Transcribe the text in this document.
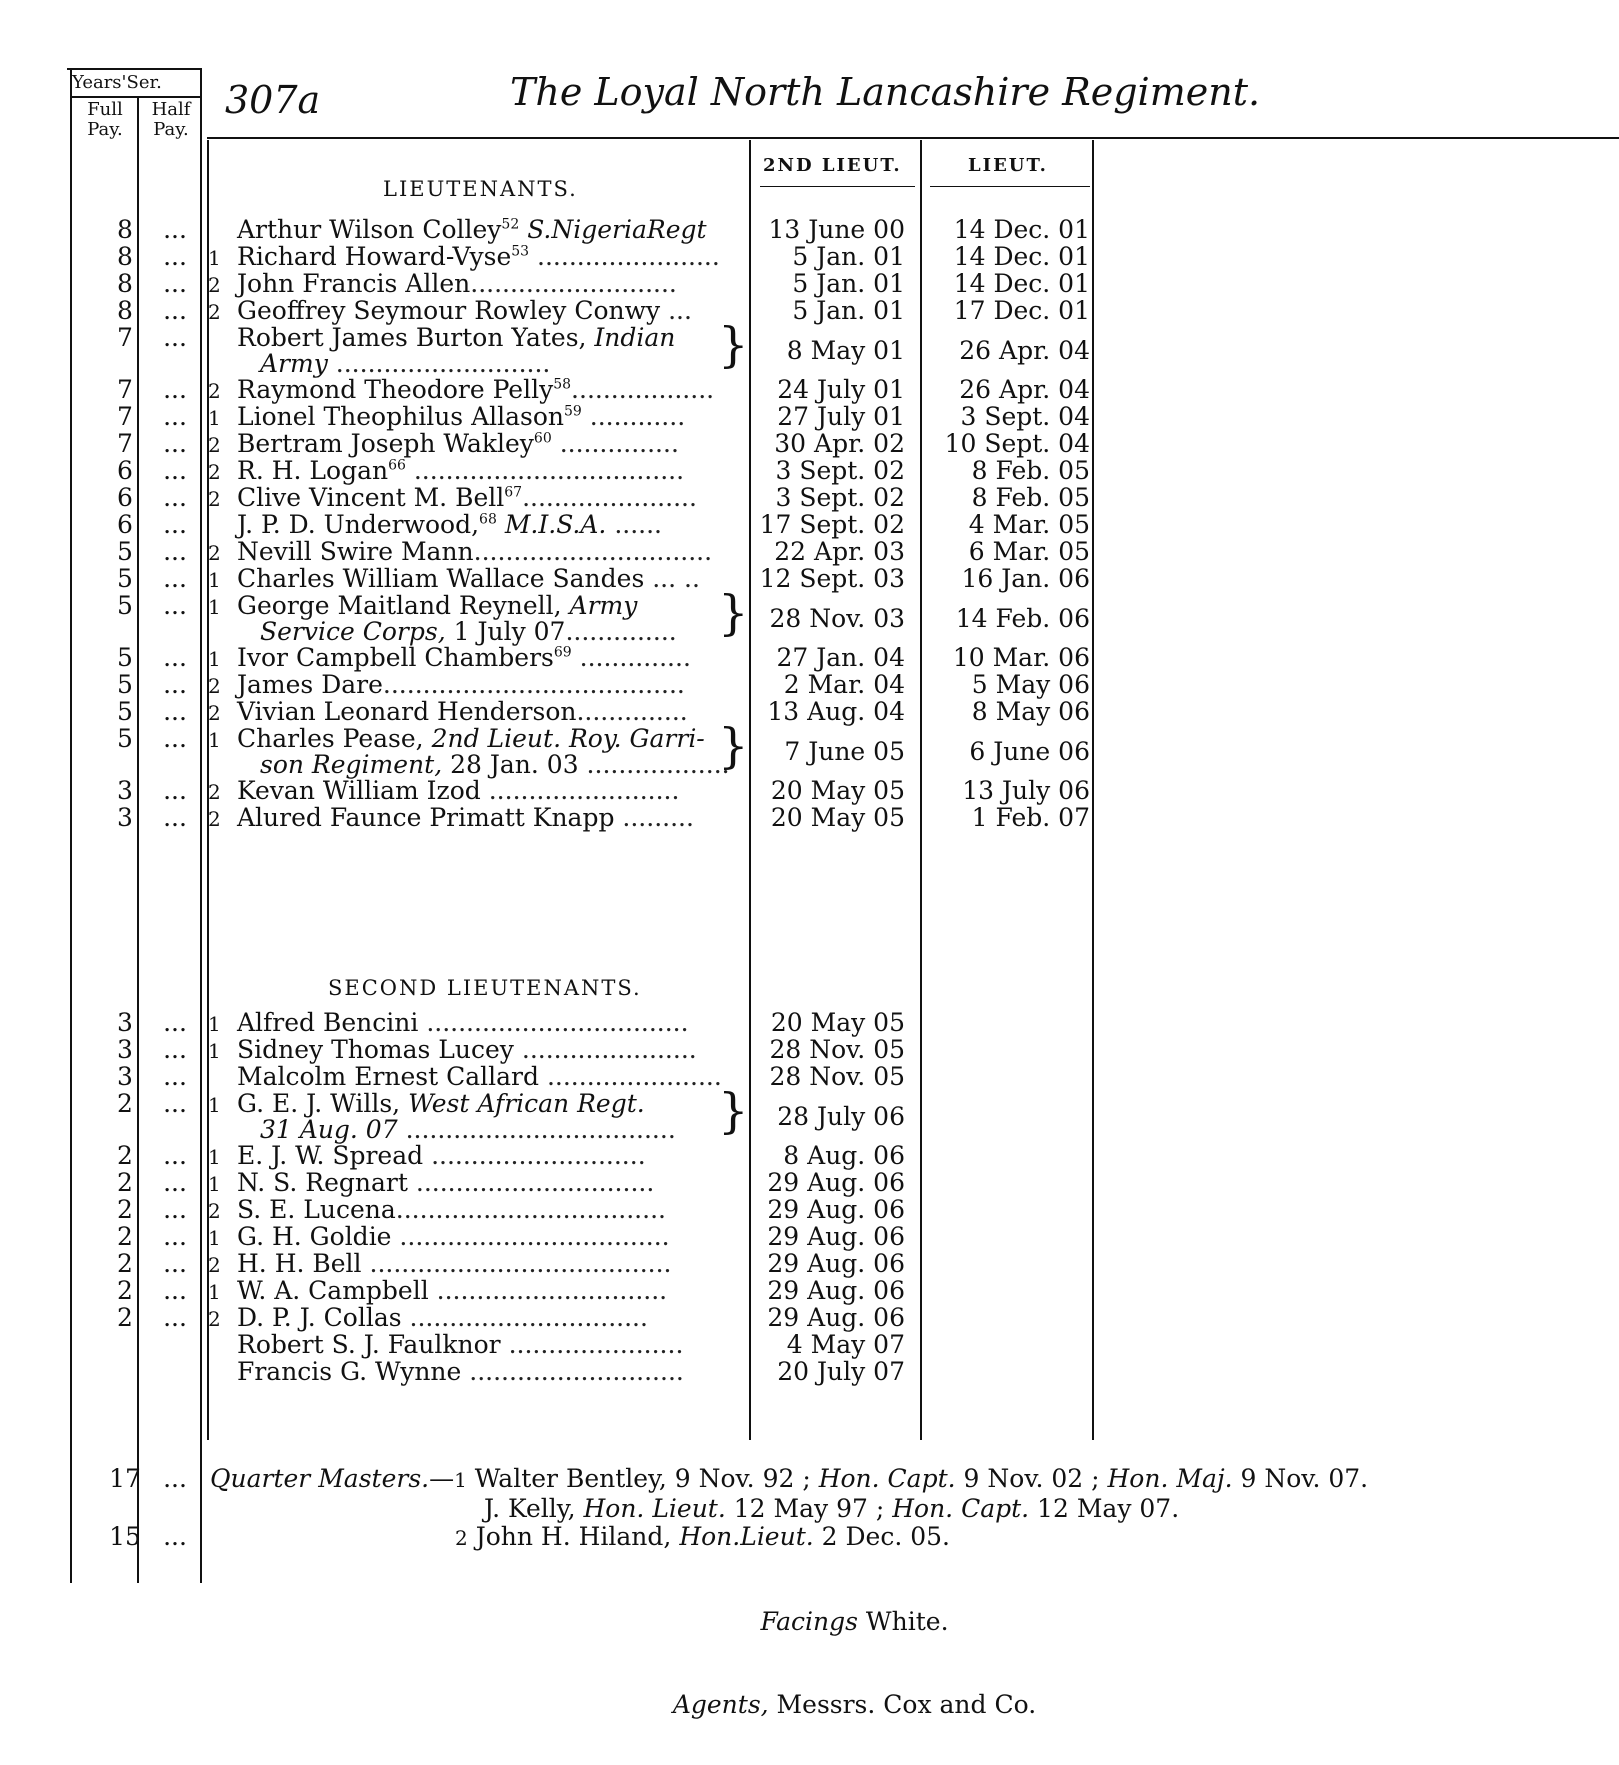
Years'Ser.
Full Pay.
Half Pay.
307a	The Loyal North Lancashire Regiment.
2ND LIEUT.	LIEUT.
LIEUTENANTS.
8	...	Arthur Wilson Colley$^{52}$ S.NigeriaRegt	13 June 00	14 Dec. 01
8	...	1 Richard Howard-Vyse$^{53}$ .......................	5 Jan. 01	14 Dec. 01
8	...	2 John Francis Allen..........................	5 Jan. 01	14 Dec. 01
8	...	2 Geoffrey Seymour Rowley Conwy ...	5 Jan. 01	17 Dec. 01
7	...	Robert James Burton Yates, Indian	8 May 01	26 Apr. 04
Army ...........................	}
7	...	2 Raymond Theodore Pelly$^{58}$..................	24 July 01	26 Apr. 04
7	...	1 Lionel Theophilus Allason$^{59}$ ............	27 July 01	3 Sept. 04
7	...	2 Bertram Joseph Wakley$^{60}$ ...............	30 Apr. 02	10 Sept. 04
6	...	2 R. H. Logan$^{66}$ ..................................	3 Sept. 02	8 Feb. 05
6	...	2 Clive Vincent M. Bell$^{67}$......................	3 Sept. 02	8 Feb. 05
6	...	J. P. D. Underwood,$^{68}$ M.I.S.A. ......	17 Sept. 02	4 Mar. 05
5	...	2 Nevill Swire Mann..............................	22 Apr. 03	6 Mar. 05
5	...	1 Charles William Wallace Sandes ... ..	12 Sept. 03	16 Jan. 06
5	...	1 George Maitland Reynell, Army	28 Nov. 03	14 Feb. 06
Service Corps, 1 July 07.............. }
5	...	1 Ivor Campbell Chambers$^{69}$ ..............	27 Jan. 04	10 Mar. 06
5	...	2 James Dare......................................	2 Mar. 04	5 May 06
5	...	2 Vivian Leonard Henderson..............	13 Aug. 04	8 May 06
5	...	1 Charles Pease, 2nd Lieut. Roy. Garri-	7 June 05	6 June 06
son Regiment, 28 Jan. 03 ..................
}
3	...	2 Kevan William Izod ........................	20 May 05	13 July 06
3	...	2 Alured Faunce Primatt Knapp .........	20 May 05	1 Feb. 07
SECOND LIEUTENANTS.
3	...	1 Alfred Bencini .................................	20 May 05
3	...	1 Sidney Thomas Lucey ......................	28 Nov. 05
3	...	Malcolm Ernest Callard ......................	28 Nov. 05
2	...	1 G. E. J. Wills, West African Regt.	28 July 06
31 Aug. 07 .................................. }
2	...	1 E. J. W. Spread ...........................	8 Aug. 06
2	...	1 N. S. Regnart ..............................	29 Aug. 06
2	...	2 S. E. Lucena..................................	29 Aug. 06
2	...	1 G. H. Goldie ..................................	29 Aug. 06
2	...	2 H. H. Bell ......................................	29 Aug. 06
2	...	1 W. A. Campbell .............................	29 Aug. 06
2	...	2 D. P. J. Collas ..............................	29 Aug. 06
Robert S. J. Faulknor ......................	4 May 07
Francis G. Wynne ...........................	20 July 07
17 ... Quarter Masters.—1 Walter Bentley, 9 Nov. 92 ; Hon. Capt. 9 Nov. 02 ; Hon. Maj. 9 Nov. 07.
J. Kelly, Hon. Lieut. 12 May 97 ; Hon. Capt. 12 May 07.
15 ...	2 John H. Hiland, Hon.Lieut. 2 Dec. 05.
Facings White.
Agents, Messrs. Cox and Co.
